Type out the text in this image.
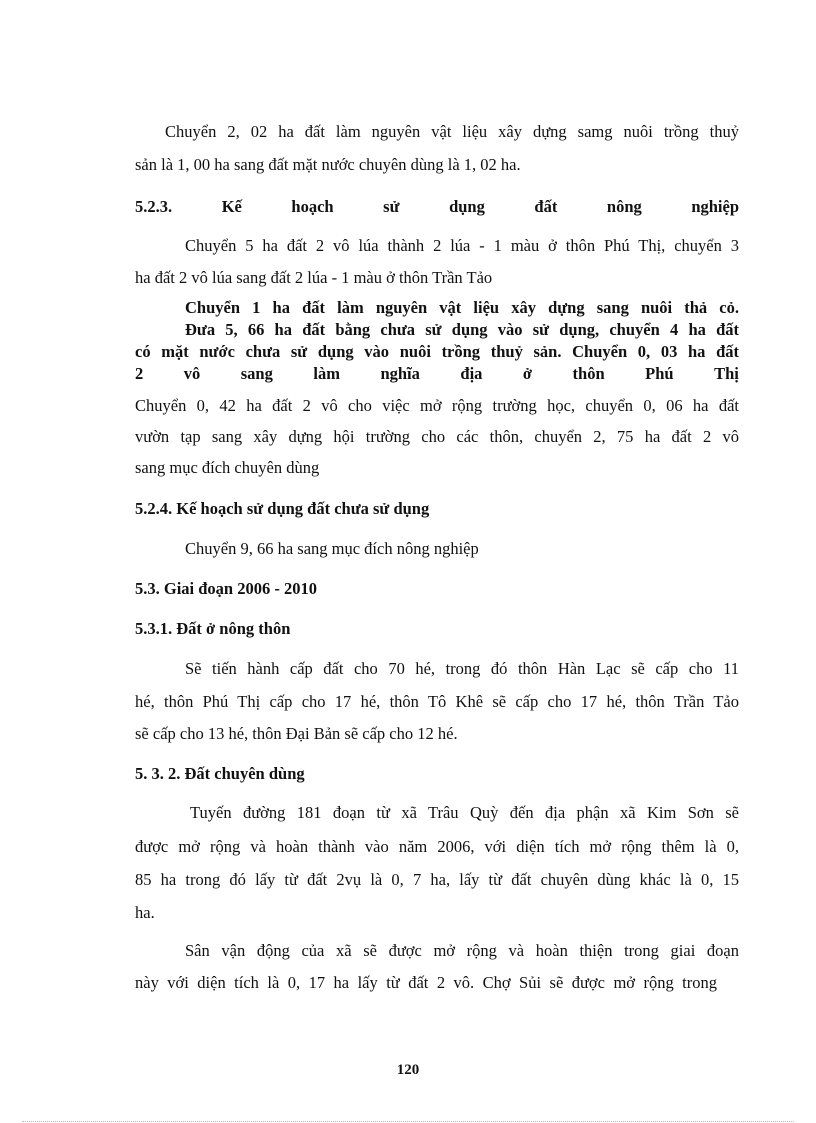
Chuyển 2, 02 ha đất làm nguyên vật liệu xây dựng samg nuôi trồng thuỷ
sản là 1, 00 ha sang đất mặt nước chuyên dùng là 1, 02 ha.
5.2.3.	Kế	hoạch	sử	dụng	đất	nông	nghiệp
Chuyển 5 ha đất 2 vô lúa thành 2 lúa - 1 màu ở thôn Phú Thị, chuyển 3
ha đất 2 vô lúa sang đất 2 lúa - 1 màu ở thôn Trần Tảo
Chuyển 1 ha đất làm nguyên vật liệu xây dựng sang nuôi thả cỏ.
Đưa 5, 66 ha đất bằng chưa sử dụng vào sử dụng, chuyển 4 ha đất
có mặt nước chưa sử dụng vào nuôi trồng thuỷ sản. Chuyển 0, 03 ha đất
2 vô sang làm nghĩa địa ở thôn Phú Thị
Chuyển 0, 42 ha đất 2 vô cho việc mở rộng trường học, chuyển 0, 06 ha đất
vườn tạp sang xây dựng hội trường cho các thôn, chuyển 2, 75 ha đất 2 vô
sang mục đích chuyên dùng
5.2.4. Kế hoạch sử dụng đất chưa sử dụng
Chuyển 9, 66 ha sang mục đích nông nghiệp
5.3. Giai đoạn 2006 - 2010
5.3.1. Đất ở nông thôn
Sẽ tiến hành cấp đất cho 70 hé, trong đó thôn Hàn Lạc sẽ cấp cho 11
hé, thôn Phú Thị cấp cho 17 hé, thôn Tô Khê sẽ cấp cho 17 hé, thôn Trần Tảo
sẽ cấp cho 13 hé, thôn Đại Bản sẽ cấp cho 12 hé.
5. 3. 2. Đất chuyên dùng
Tuyến đường 181 đoạn từ xã Trâu Quỳ đến địa phận xã Kim Sơn sẽ
được mở rộng và hoàn thành vào năm 2006, với diện tích mở rộng thêm là 0,
85 ha trong đó lấy từ đất 2vụ là 0, 7 ha, lấy từ đất chuyên dùng khác là 0, 15
ha.
Sân vận động của xã sẽ được mở rộng và hoàn thiện trong giai đoạn
này với diện tích là 0, 17 ha lấy từ đất 2 vô. Chợ Sủi sẽ được mở rộng trong
120
